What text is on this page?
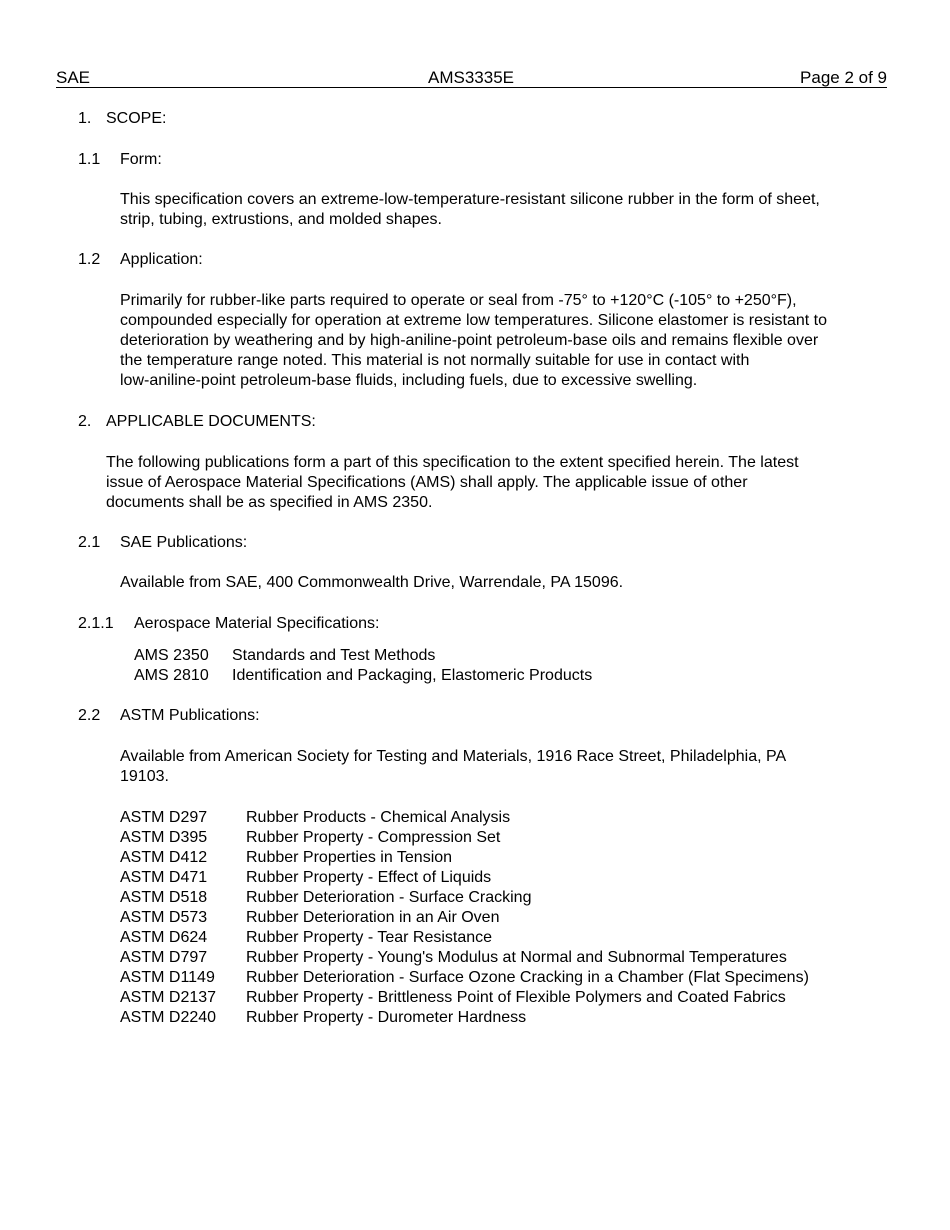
SAE	AMS3335E	Page 2 of 9
1. SCOPE:
1.1 Form:
This specification covers an extreme-low-temperature-resistant silicone rubber in the form of sheet,
strip, tubing, extrustions, and molded shapes.
1.2 Application:
Primarily for rubber-like parts required to operate or seal from -75° to +120°C (-105° to +250°F),
compounded especially for operation at extreme low temperatures. Silicone elastomer is resistant to
deterioration by weathering and by high-aniline-point petroleum-base oils and remains flexible over
the temperature range noted. This material is not normally suitable for use in contact with
low-aniline-point petroleum-base fluids, including fuels, due to excessive swelling.
2. APPLICABLE DOCUMENTS:
The following publications form a part of this specification to the extent specified herein. The latest
issue of Aerospace Material Specifications (AMS) shall apply. The applicable issue of other
documents shall be as specified in AMS 2350.
2.1 SAE Publications:
Available from SAE, 400 Commonwealth Drive, Warrendale, PA 15096.
2.1.1 Aerospace Material Specifications:
AMS 2350 Standards and Test Methods
AMS 2810 Identification and Packaging, Elastomeric Products
2.2 ASTM Publications:
Available from American Society for Testing and Materials, 1916 Race Street, Philadelphia, PA
19103.
ASTM D297 Rubber Products - Chemical Analysis
ASTM D395 Rubber Property - Compression Set
ASTM D412 Rubber Properties in Tension
ASTM D471 Rubber Property - Effect of Liquids
ASTM D518 Rubber Deterioration - Surface Cracking
ASTM D573 Rubber Deterioration in an Air Oven
ASTM D624 Rubber Property - Tear Resistance
ASTM D797 Rubber Property - Young's Modulus at Normal and Subnormal Temperatures
ASTM D1149 Rubber Deterioration - Surface Ozone Cracking in a Chamber (Flat Specimens)
ASTM D2137 Rubber Property - Brittleness Point of Flexible Polymers and Coated Fabrics
ASTM D2240 Rubber Property - Durometer Hardness
